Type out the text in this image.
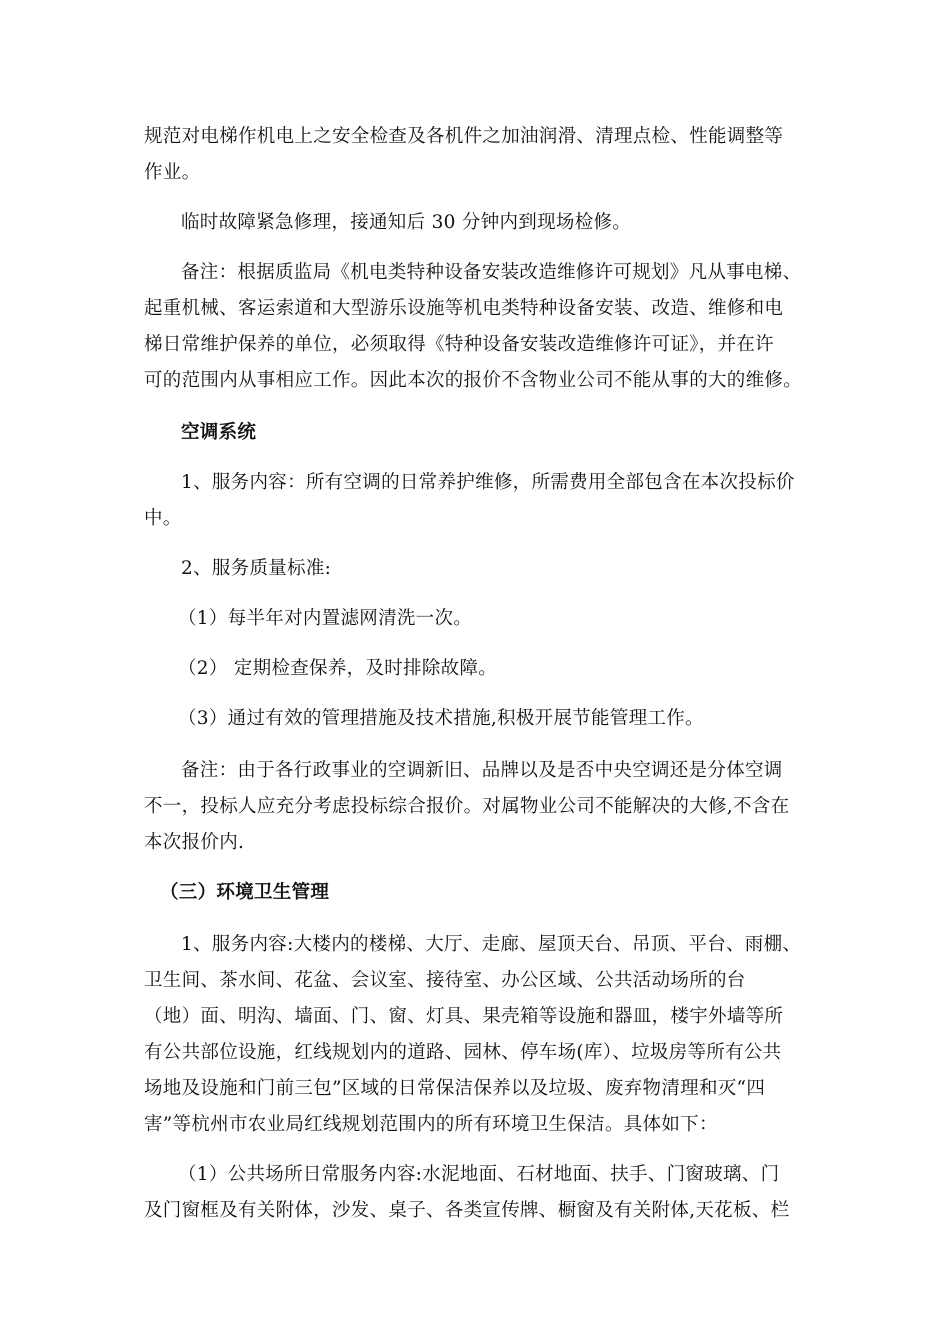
规范对电梯作机电上之安全检查及各机件之加油润滑、清理点检、性能调整等
作业。
临时故障紧急修理，接通知后 30 分钟内到现场检修。
备注：根据质监局《机电类特种设备安装改造维修许可规划》凡从事电梯、
起重机械、客运索道和大型游乐设施等机电类特种设备安装、改造、维修和电
梯日常维护保养的单位，必须取得《特种设备安装改造维修许可证》，并在许
可的范围内从事相应工作。因此本次的报价不含物业公司不能从事的大的维修。
空调系统
1、服务内容：所有空调的日常养护维修，所需费用全部包含在本次投标价
中。
2、服务质量标准:
（1）每半年对内置滤网清洗一次。
（2） 定期检查保养，及时排除故障。
（3）通过有效的管理措施及技术措施,积极开展节能管理工作。
备注：由于各行政事业的空调新旧、品牌以及是否中央空调还是分体空调
不一，投标人应充分考虑投标综合报价。对属物业公司不能解决的大修,不含在
本次报价内.
（三）环境卫生管理
1、服务内容:大楼内的楼梯、大厅、走廊、屋顶天台、吊顶、平台、雨棚、
卫生间、茶水间、花盆、会议室、接待室、办公区域、公共活动场所的台
（地）面、明沟、墙面、门、窗、灯具、果壳箱等设施和器皿，楼宇外墙等所
有公共部位设施，红线规划内的道路、园林、停车场(库）、垃圾房等所有公共
场地及设施和门前三包”区域的日常保洁保养以及垃圾、废弃物清理和灭“四
害”等杭州市农业局红线规划范围内的所有环境卫生保洁。具体如下：
（1）公共场所日常服务内容:水泥地面、石材地面、扶手、门窗玻璃、门
及门窗框及有关附体，沙发、桌子、各类宣传牌、橱窗及有关附体,天花板、栏
